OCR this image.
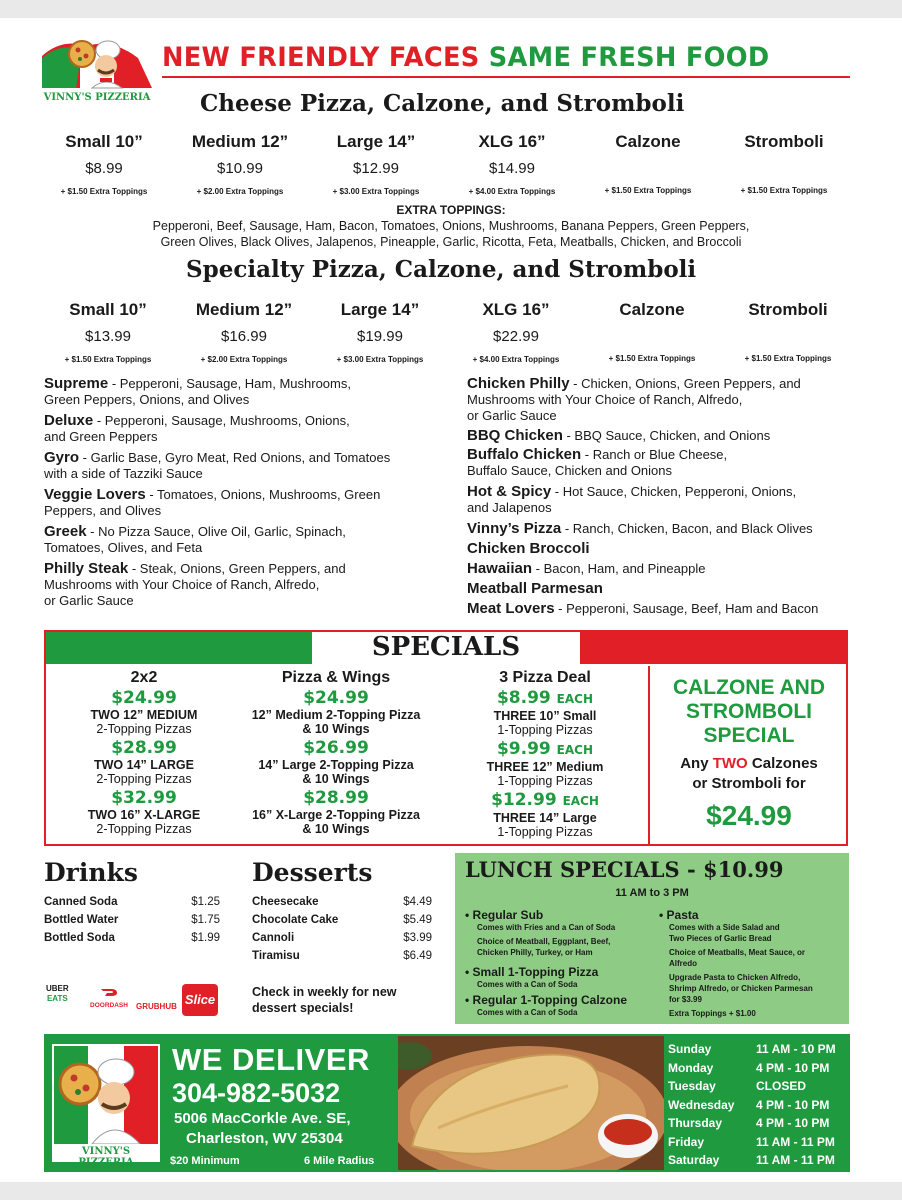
VINNY'S PIZZERIA
NEW FRIENDLY FACES SAME FRESH FOOD
Cheese Pizza, Calzone, and Stromboli
Small 10”
$8.99
+ $1.50 Extra Toppings
Medium 12”
$10.99
+ $2.00 Extra Toppings
Large 14”
$12.99
+ $3.00 Extra Toppings
XLG 16”
$14.99
+ $4.00 Extra Toppings
Calzone
Reg. $8.99 / L $10.99
+ $1.50 Extra Toppings
Stromboli
Reg. $8.99 / L $10.99
+ $1.50 Extra Toppings
EXTRA TOPPINGS:
Pepperoni, Beef, Sausage, Ham, Bacon, Tomatoes, Onions, Mushrooms, Banana Peppers, Green Peppers,
Green Olives, Black Olives, Jalapenos, Pineapple, Garlic, Ricotta, Feta, Meatballs, Chicken, and Broccoli
Specialty Pizza, Calzone, and Stromboli
Small 10”
$13.99
+ $1.50 Extra Toppings
Medium 12”
$16.99
+ $2.00 Extra Toppings
Large 14”
$19.99
+ $3.00 Extra Toppings
XLG 16”
$22.99
+ $4.00 Extra Toppings
Calzone
Reg. $13.99 / L $16.99
+ $1.50 Extra Toppings
Stromboli
Reg. $13.99 / L $16.99
+ $1.50 Extra Toppings
Supreme - Pepperoni, Sausage, Ham, Mushrooms,
Green Peppers, Onions, and Olives
Deluxe - Pepperoni, Sausage, Mushrooms, Onions,
and Green Peppers
Gyro - Garlic Base, Gyro Meat, Red Onions, and Tomatoes
with a side of Tazziki Sauce
Veggie Lovers - Tomatoes, Onions, Mushrooms, Green
Peppers, and Olives
Greek - No Pizza Sauce, Olive Oil, Garlic, Spinach,
Tomatoes, Olives, and Feta
Philly Steak - Steak, Onions, Green Peppers, and
Mushrooms with Your Choice of Ranch, Alfredo,
or Garlic Sauce
Chicken Philly - Chicken, Onions, Green Peppers, and
Mushrooms with Your Choice of Ranch, Alfredo,
or Garlic Sauce
BBQ Chicken - BBQ Sauce, Chicken, and Onions
Buffalo Chicken - Ranch or Blue Cheese,
Buffalo Sauce, Chicken and Onions
Hot & Spicy - Hot Sauce, Chicken, Pepperoni, Onions,
and Jalapenos
Vinny’s Pizza - Ranch, Chicken, Bacon, and Black Olives
Chicken Broccoli
Hawaiian - Bacon, Ham, and Pineapple
Meatball Parmesan
Meat Lovers - Pepperoni, Sausage, Beef, Ham and Bacon
SPECIALS
2x2
$24.99
TWO 12” MEDIUM
2-Topping Pizzas
$28.99
TWO 14” LARGE
2-Topping Pizzas
$32.99
TWO 16” X-LARGE
2-Topping Pizzas
Pizza & Wings
$24.99
12” Medium 2-Topping Pizza
& 10 Wings
$26.99
14” Large 2-Topping Pizza
& 10 Wings
$28.99
16” X-Large 2-Topping Pizza
& 10 Wings
3 Pizza Deal
$8.99 EACH
THREE 10” Small
1-Topping Pizzas
$9.99 EACH
THREE 12” Medium
1-Topping Pizzas
$12.99 EACH
THREE 14” Large
1-Topping Pizzas
CALZONE AND
STROMBOLI
SPECIAL
Any TWO Calzones
or Stromboli for
$24.99
Drinks
Canned Soda	$1.25
Bottled Water	$1.75
Bottled Soda	$1.99
UBER
EATS
DOORDASH	GRUBHUB Slice
Desserts
Cheesecake	$4.49
Chocolate Cake	$5.49
Cannoli	$3.99
Tiramisu	$6.49
Check in weekly for new
dessert specials!
LUNCH SPECIALS - $10.99
11 AM to 3 PM
• Regular Sub
Comes with Fries and a Can of Soda
Choice of Meatball, Eggplant, Beef,
Chicken Philly, Turkey, or Ham
• Small 1-Topping Pizza
Comes with a Can of Soda
• Regular 1-Topping Calzone
Comes with a Can of Soda
• Pasta
Comes with a Side Salad and
Two Pieces of Garlic Bread
Choice of Meatballs, Meat Sauce, or
Alfredo
Upgrade Pasta to Chicken Alfredo,
Shrimp Alfredo, or Chicken Parmesan
for $3.99
Extra Toppings + $1.00
VINNY'S PIZZERIA
WE DELIVER
304-982-5032
5006 MacCorkle Ave. SE,
Charleston, WV 25304
$20 Minimum	6 Mile Radius
Sunday	11 AM - 10 PM
Monday	4 PM - 10 PM
Tuesday	CLOSED
Wednesday	4 PM - 10 PM
Thursday	4 PM - 10 PM
Friday	11 AM - 11 PM
Saturday	11 AM - 11 PM
